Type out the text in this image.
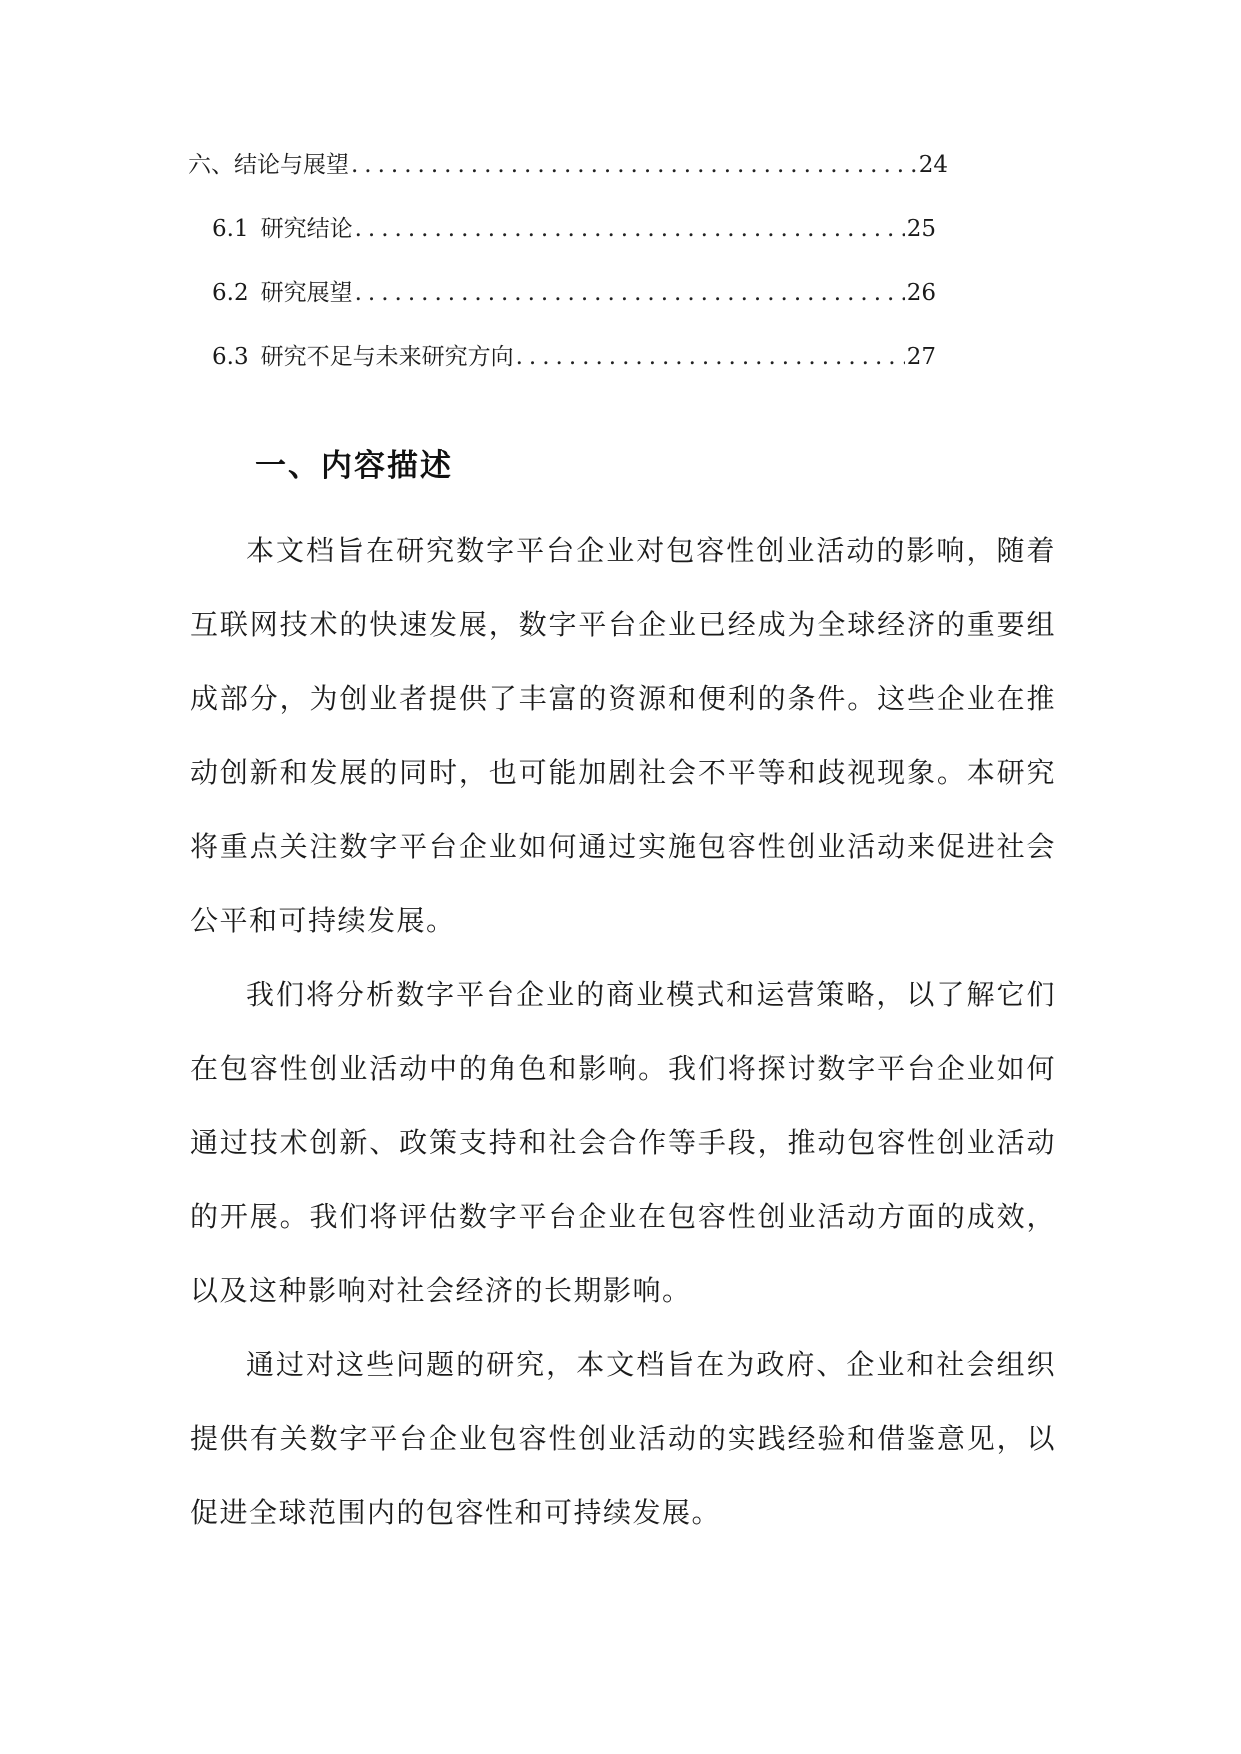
六、结论与展望 .....	24
6.1 研究结论 .....	25
6.2 研究展望 .....	26
6.3 研究不足与未来研究方向 .....	27
一、内容描述

本文档旨在研究数字平台企业对包容性创业活动的影响，随着互联网技术的快速发展，数字平台企业已经成为全球经济的重要组成部分，为创业者提供了丰富的资源和便利的条件。这些企业在推动创新和发展的同时，也可能加剧社会不平等和歧视现象。本研究将重点关注数字平台企业如何通过实施包容性创业活动来促进社会公平和可持续发展。

我们将分析数字平台企业的商业模式和运营策略，以了解它们在包容性创业活动中的角色和影响。我们将探讨数字平台企业如何通过技术创新、政策支持和社会合作等手段，推动包容性创业活动的开展。我们将评估数字平台企业在包容性创业活动方面的成效，以及这种影响对社会经济的长期影响。

通过对这些问题的研究，本文档旨在为政府、企业和社会组织提供有关数字平台企业包容性创业活动的实践经验和借鉴意见，以促进全球范围内的包容性和可持续发展。
